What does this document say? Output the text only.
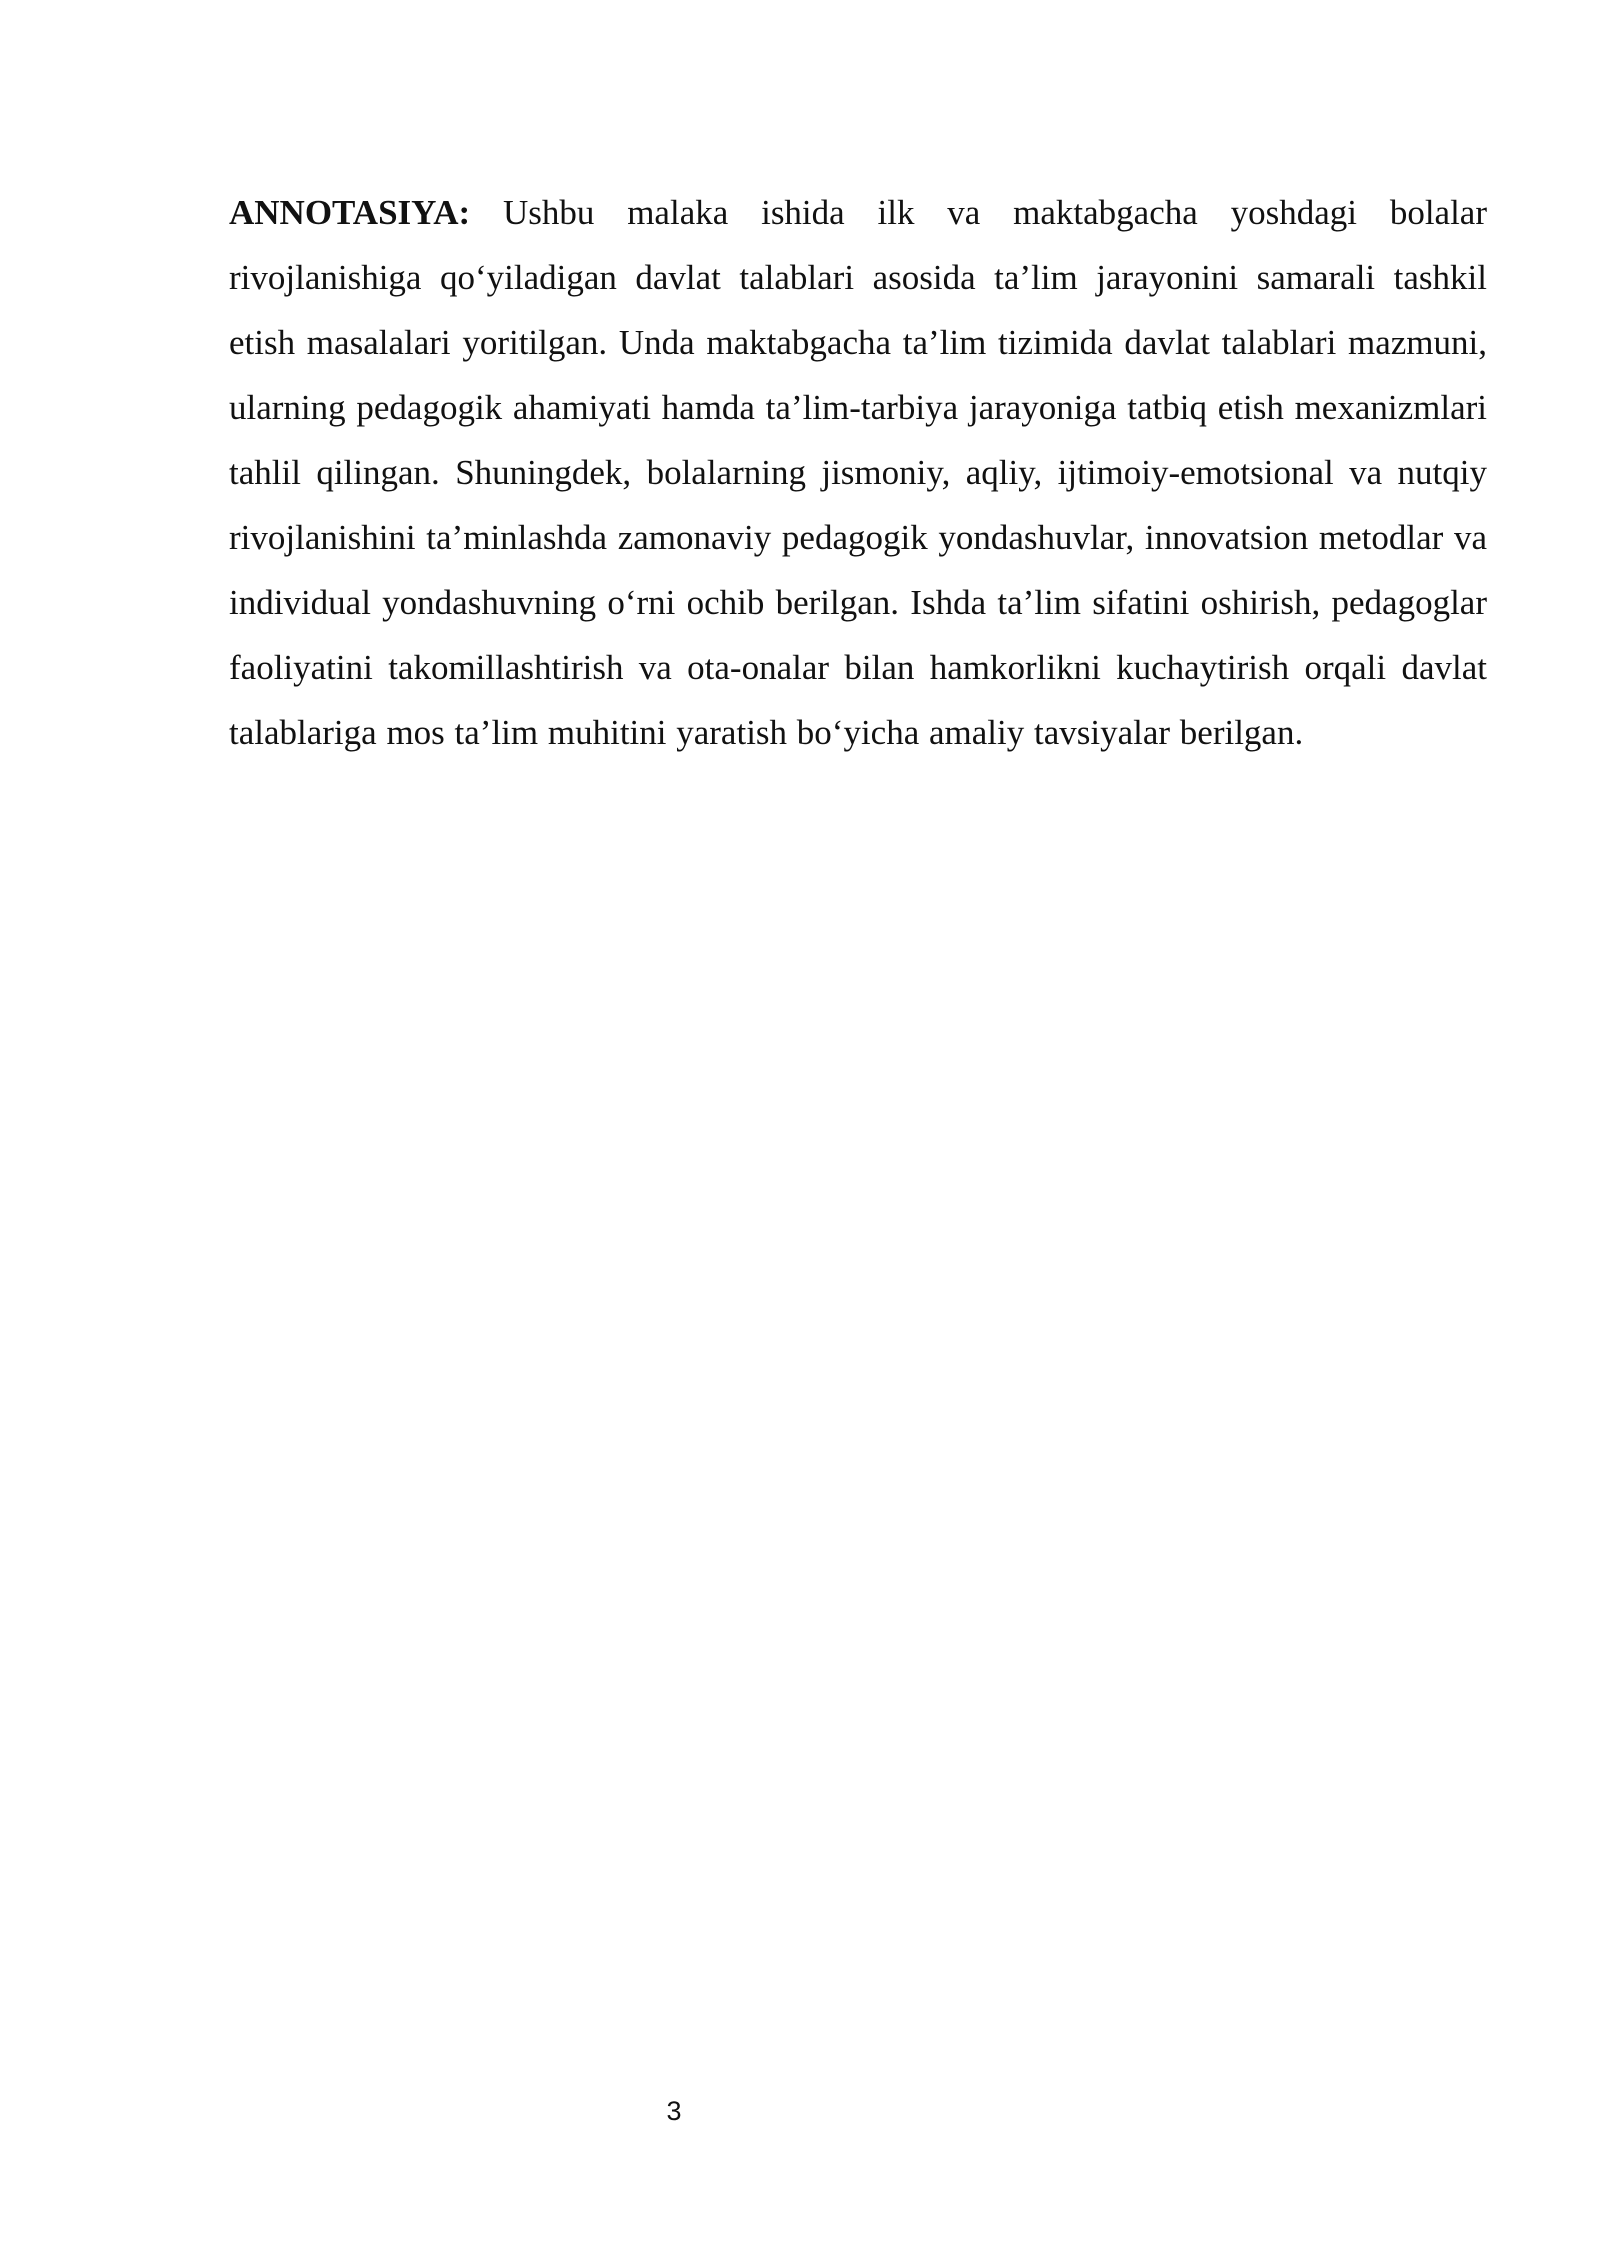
ANNOTASIYA: Ushbu malaka ishida ilk va maktabgacha yoshdagi bolalar rivojlanishiga qo‘yiladigan davlat talablari asosida ta’lim jarayonini samarali tashkil etish masalalari yoritilgan. Unda maktabgacha ta’lim tizimida davlat talablari mazmuni, ularning pedagogik ahamiyati hamda ta’lim-tarbiya jarayoniga tatbiq etish mexanizmlari tahlil qilingan. Shuningdek, bolalarning jismoniy, aqliy, ijtimoiy-emotsional va nutqiy rivojlanishini ta’minlashda zamonaviy pedagogik yondashuvlar, innovatsion metodlar va individual yondashuvning o‘rni ochib berilgan. Ishda ta’lim sifatini oshirish, pedagoglar faoliyatini takomillashtirish va ota-onalar bilan hamkorlikni kuchaytirish orqali davlat talablariga mos ta’lim muhitini yaratish bo‘yicha amaliy tavsiyalar berilgan.

3
